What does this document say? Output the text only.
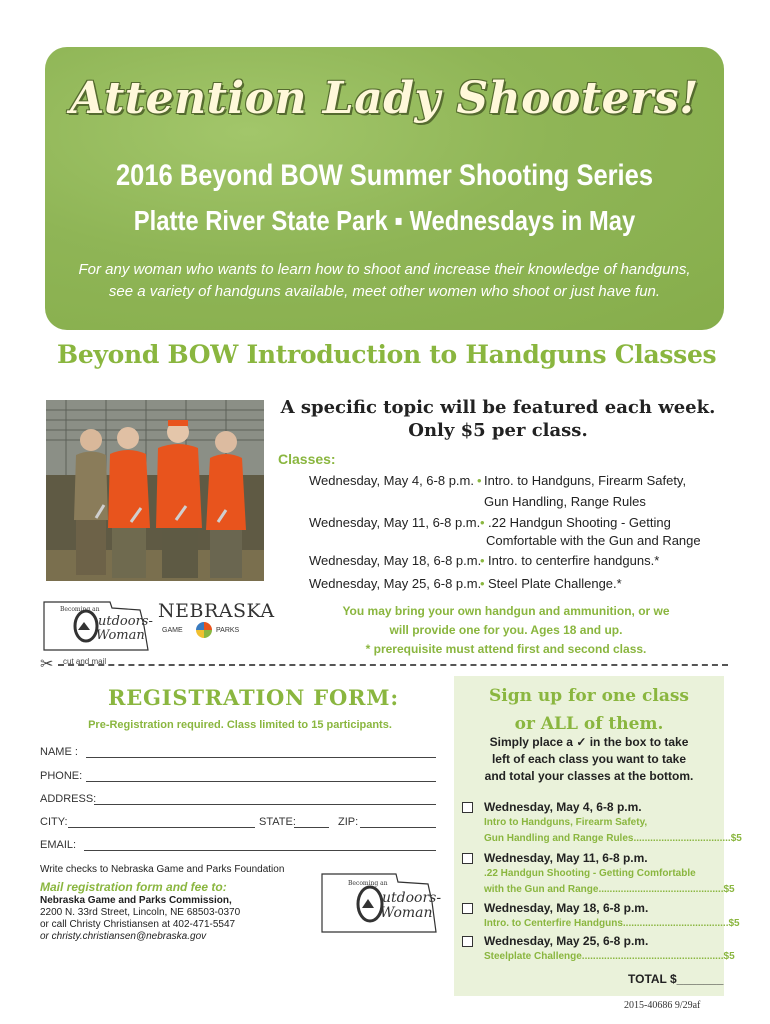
Attention Lady Shooters!
2016 Beyond BOW Summer Shooting Series
Platte River State Park ▪ Wednesdays in May
For any woman who wants to learn how to shoot and increase their knowledge of handguns,
see a variety of handguns available, meet other women who shoot or just have fun.
Beyond BOW Introduction to Handguns Classes
A specific topic will be featured each week.
Only $5 per class.
Classes:
Wednesday, May 4, 6-8 p.m. • Intro. to Handguns, Firearm Safety,
Gun Handling, Range Rules
Wednesday, May 11, 6-8 p.m. • .22 Handgun Shooting - Getting
Comfortable with the Gun and Range
Wednesday, May 18, 6-8 p.m.
• Intro. to centerfire handguns.*
Wednesday, May 25, 6-8 p.m.
• Steel Plate Challenge.*
Becoming an
utdoors-
Woman
NEBRASKA
GAME	PARKS
You may bring your own handgun and ammunition, or we
will provide one for you. Ages 18 and up.
* prerequisite must attend first and second class.
✂ cut and mail
REGISTRATION FORM:
Pre-Registration required. Class limited to 15 participants.
NAME :
PHONE:
ADDRESS:
CITY:	STATE:	ZIP:
EMAIL:
Write checks to Nebraska Game and Parks Foundation
Mail registration form and fee to:
Nebraska Game and Parks Commission,
2200 N. 33rd Street, Lincoln, NE 68503-0370
or call Christy Christiansen at 402-471-5547
or christy.christiansen@nebraska.gov
Becoming an
utdoors-
Woman
Sign up for one class
or ALL of them.
Simply place a ✓ in the box to take
left of each class you want to take
and total your classes at the bottom.
Wednesday, May 4, 6-8 p.m.
Intro to Handguns, Firearm Safety,
Gun Handling and Range Rules...................................$5
Wednesday, May 11, 6-8 p.m.
.22 Handgun Shooting - Getting Comfortable
with the Gun and Range.............................................$5
Wednesday, May 18, 6-8 p.m.
Intro. to Centerfire Handguns......................................$5
Wednesday, May 25, 6-8 p.m.
Steelplate Challenge...................................................$5
TOTAL $_______
2015-40686 9/29af
